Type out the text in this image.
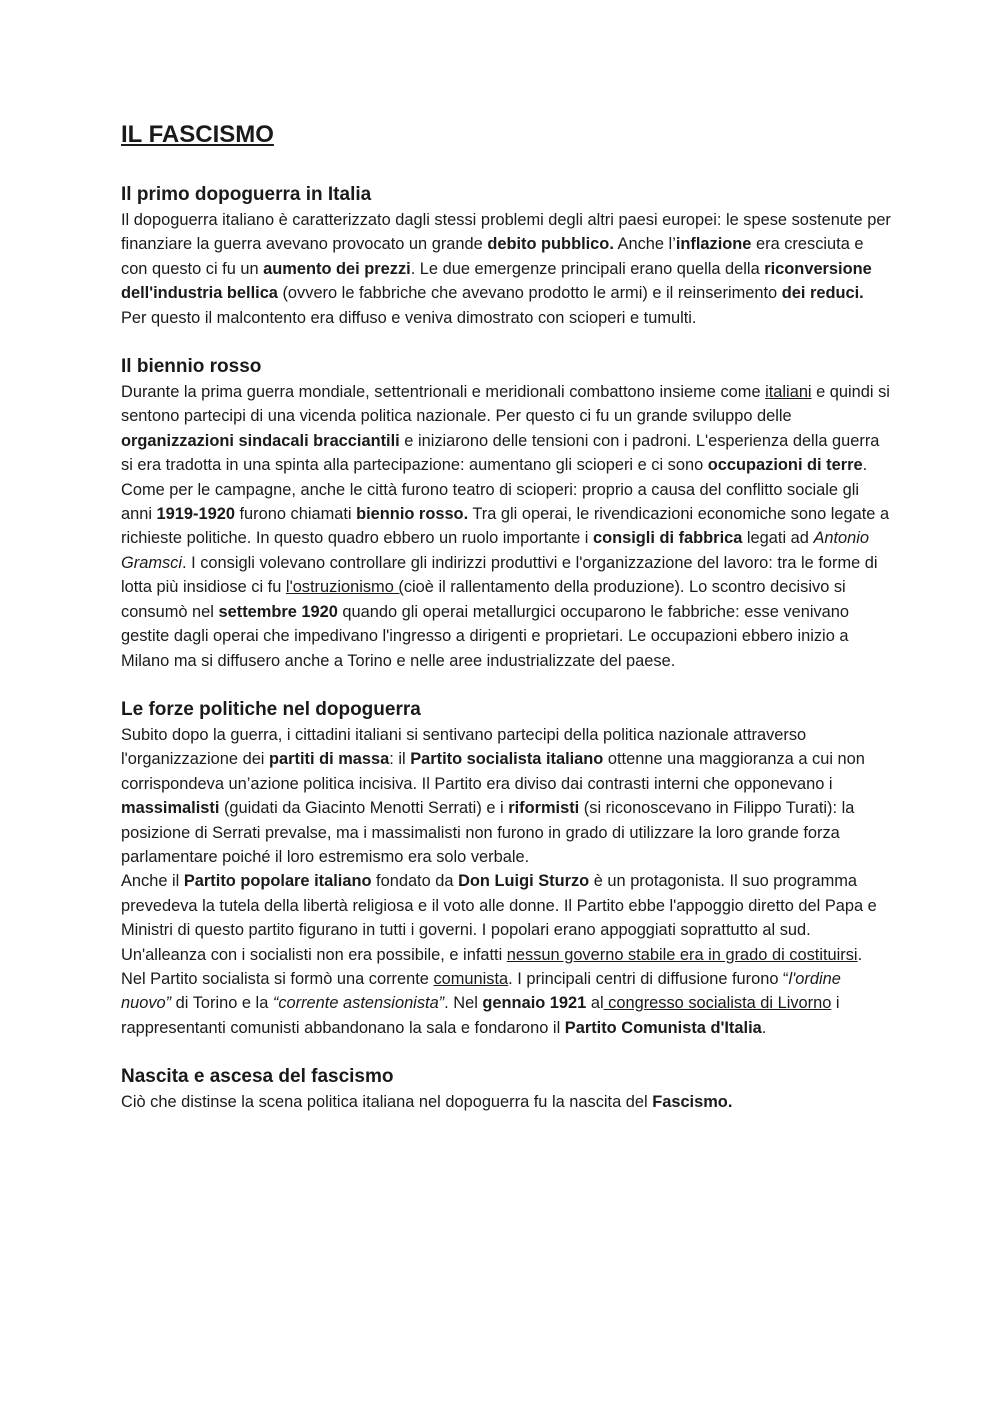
IL FASCISMO
Il primo dopoguerra in Italia

Il dopoguerra italiano è caratterizzato dagli stessi problemi degli altri paesi europei: le spese sostenute per finanziare la guerra avevano provocato un grande debito pubblico. Anche l’inflazione era cresciuta e con questo ci fu un aumento dei prezzi. Le due emergenze principali erano quella della riconversione dell'industria bellica (ovvero le fabbriche che avevano prodotto le armi) e il reinserimento dei reduci. Per questo il malcontento era diffuso e veniva dimostrato con scioperi e tumulti.

Il biennio rosso

Durante la prima guerra mondiale, settentrionali e meridionali combattono insieme come italiani e quindi si sentono partecipi di una vicenda politica nazionale. Per questo ci fu un grande sviluppo delle organizzazioni sindacali bracciantili e iniziarono delle tensioni con i padroni. L'esperienza della guerra si era tradotta in una spinta alla partecipazione: aumentano gli scioperi e ci sono occupazioni di terre.

Come per le campagne, anche le città furono teatro di scioperi: proprio a causa del conflitto sociale gli anni 1919-1920 furono chiamati biennio rosso. Tra gli operai, le rivendicazioni economiche sono legate a richieste politiche. In questo quadro ebbero un ruolo importante i consigli di fabbrica legati ad Antonio Gramsci. I consigli volevano controllare gli indirizzi produttivi e l'organizzazione del lavoro: tra le forme di lotta più insidiose ci fu l'ostruzionismo (cioè il rallentamento della produzione). Lo scontro decisivo si consumò nel settembre 1920 quando gli operai metallurgici occuparono le fabbriche: esse venivano gestite dagli operai che impedivano l'ingresso a dirigenti e proprietari. Le occupazioni ebbero inizio a Milano ma si diffusero anche a Torino e nelle aree industrializzate del paese.

Le forze politiche nel dopoguerra

Subito dopo la guerra, i cittadini italiani si sentivano partecipi della politica nazionale attraverso l'organizzazione dei partiti di massa: il Partito socialista italiano ottenne una maggioranza a cui non corrispondeva un’azione politica incisiva. Il Partito era diviso dai contrasti interni che opponevano i massimalisti (guidati da Giacinto Menotti Serrati) e i riformisti (si riconoscevano in Filippo Turati): la posizione di Serrati prevalse, ma i massimalisti non furono in grado di utilizzare la loro grande forza parlamentare poiché il loro estremismo era solo verbale.

Anche il Partito popolare italiano fondato da Don Luigi Sturzo è un protagonista. Il suo programma prevedeva la tutela della libertà religiosa e il voto alle donne. Il Partito ebbe l'appoggio diretto del Papa e Ministri di questo partito figurano in tutti i governi. I popolari erano appoggiati soprattutto al sud. Un'alleanza con i socialisti non era possibile, e infatti nessun governo stabile era in grado di costituirsi.

Nel Partito socialista si formò una corrente comunista. I principali centri di diffusione furono “l'ordine nuovo” di Torino e la “corrente astensionista”. Nel gennaio 1921 al congresso socialista di Livorno i rappresentanti comunisti abbandonano la sala e fondarono il Partito Comunista d'Italia.

Nascita e ascesa del fascismo

Ciò che distinse la scena politica italiana nel dopoguerra fu la nascita del Fascismo.
